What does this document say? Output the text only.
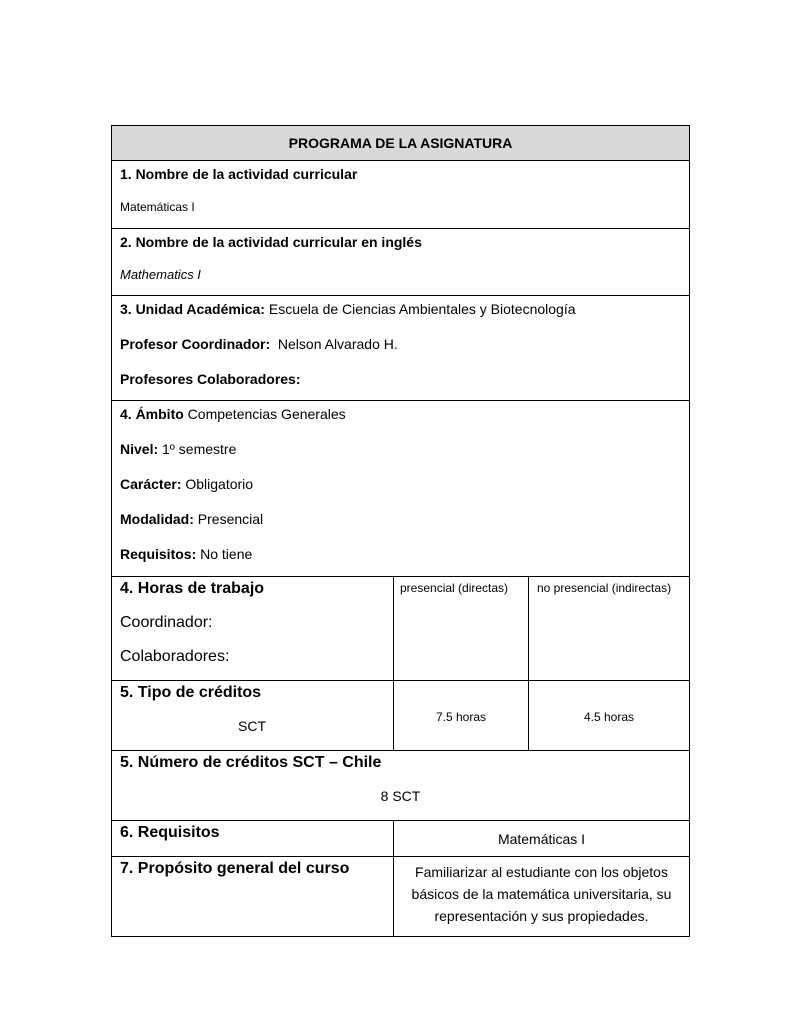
PROGRAMA DE LA ASIGNATURA		

1. Nombre de la actividad curricular

Matemáticas I		

2. Nombre de la actividad curricular en inglés

Mathematics I		

3. Unidad Académica: Escuela de Ciencias Ambientales y Biotecnología

Profesor Coordinador:  Nelson Alvarado H.

Profesores Colaboradores:		

4. Ámbito Competencias Generales

Nivel: 1º semestre

Carácter: Obligatorio

Modalidad: Presencial

Requisitos: No tiene		

4. Horas de trabajo

Coordinador:

Colaboradores:	presencial (directas)	no presencial (indirectas)

5. Tipo de créditos

SCT	7.5 horas	4.5 horas

5. Número de créditos SCT – Chile

8 SCT		

6. Requisitos	Matemáticas I	

7. Propósito general del curso	Familiarizar al estudiante con los objetos básicos de la matemática universitaria, su representación y sus propiedades.	
